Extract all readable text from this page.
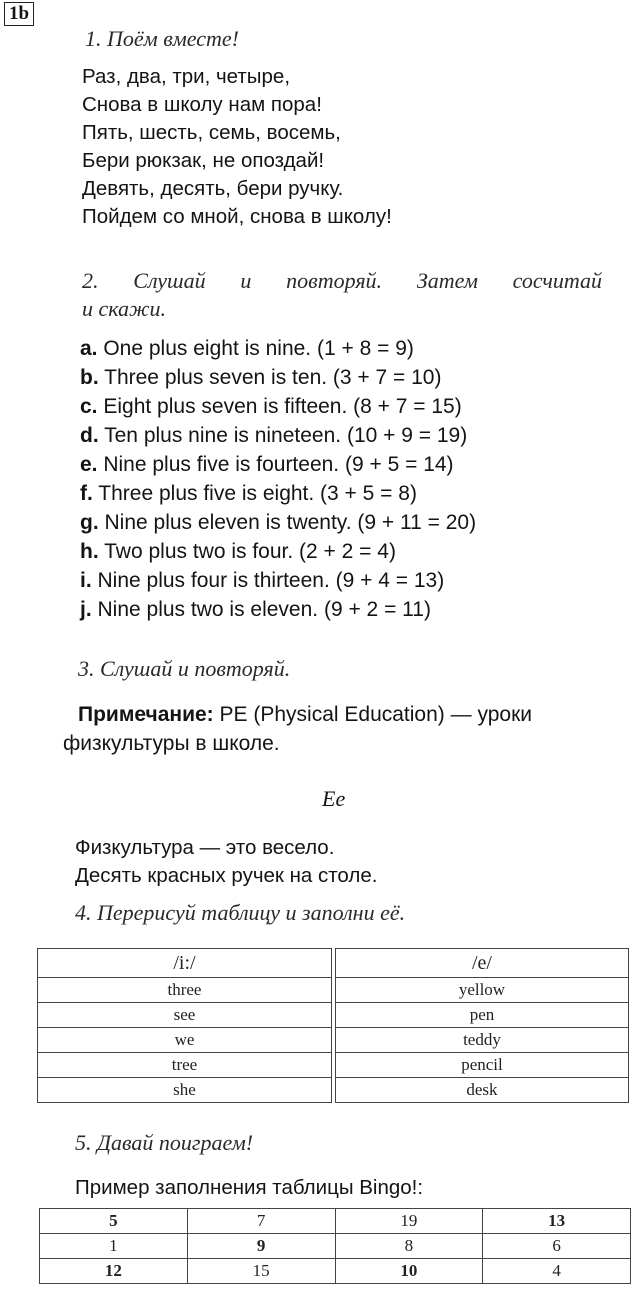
1b
1. Поём вместе!
Раз, два, три, четыре,
Снова в школу нам пора!
Пять, шесть, семь, восемь,
Бери рюкзак, не опоздай!
Девять, десять, бери ручку.
Пойдем со мной, снова в школу!
2. Слушай и повторяй. Затем сосчитай
и скажи.
a. One plus eight is nine. (1 + 8 = 9)
b. Three plus seven is ten. (3 + 7 = 10)
c. Eight plus seven is fifteen. (8 + 7 = 15)
d. Ten plus nine is nineteen. (10 + 9 = 19)
e. Nine plus five is fourteen. (9 + 5 = 14)
f. Three plus five is eight. (3 + 5 = 8)
g. Nine plus eleven is twenty. (9 + 11 = 20)
h. Two plus two is four. (2 + 2 = 4)
i. Nine plus four is thirteen. (9 + 4 = 13)
j. Nine plus two is eleven. (9 + 2 = 11)
3. Слушай и повторяй.
Примечание: PE (Physical Education) — уроки
физкультуры в школе.
Ee
Физкультура — это весело.
Десять красных ручек на столе.
4. Перерисуй таблицу и заполни её.
/i:/		/e/
three		yellow
see		pen
we		teddy
tree		pencil
she		desk
5. Давай поиграем!
Пример заполнения таблицы Bingo!:
5	7	19	13
1	9	8	6
12	15	10	4
